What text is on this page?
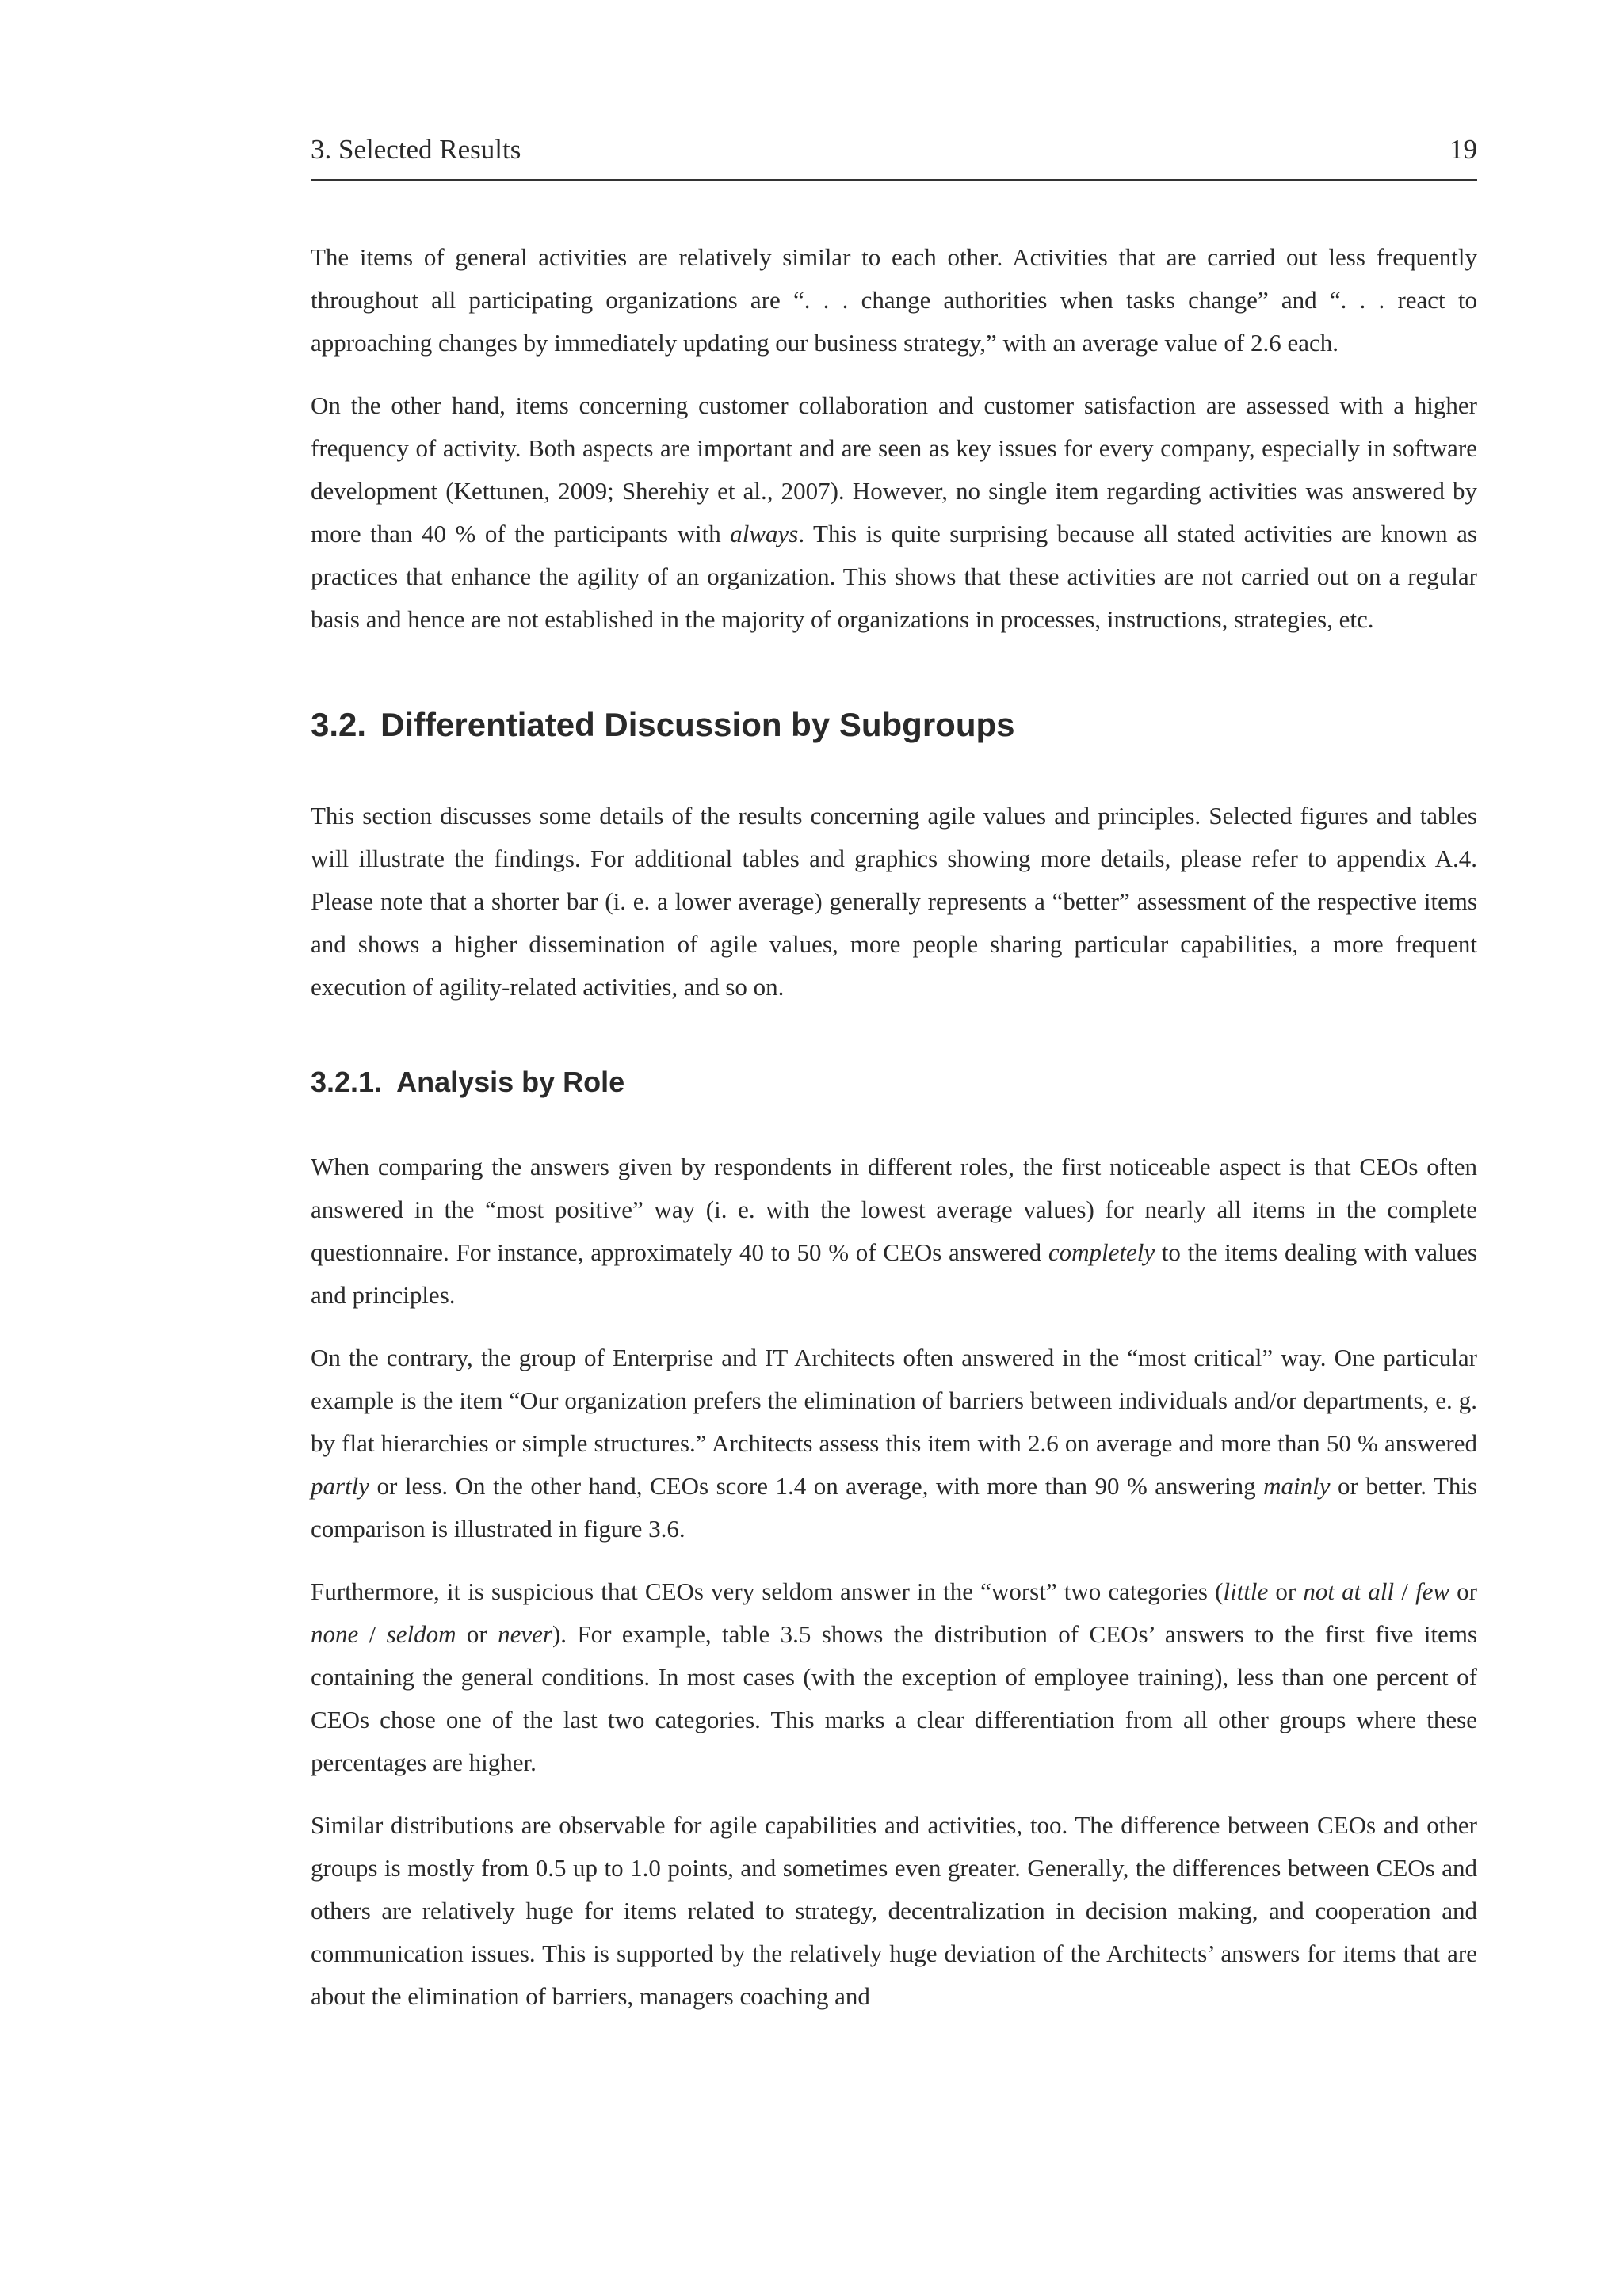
3. Selected Results	19

The items of general activities are relatively similar to each other. Activities that are carried out less frequently throughout all participating organizations are “. . . change authorities when tasks change” and “. . . react to approaching changes by immediately updating our business strategy,” with an average value of 2.6 each.

On the other hand, items concerning customer collaboration and customer satisfaction are assessed with a higher frequency of activity. Both aspects are important and are seen as key issues for every company, especially in software development (Kettunen, 2009; Sherehiy et al., 2007). However, no single item regarding activities was answered by more than 40 % of the participants with always. This is quite surprising because all stated activities are known as practices that enhance the agility of an organization. This shows that these activities are not carried out on a regular basis and hence are not established in the majority of organizations in processes, instructions, strategies, etc.

3.2. Differentiated Discussion by Subgroups

This section discusses some details of the results concerning agile values and principles. Selected figures and tables will illustrate the findings. For additional tables and graphics showing more details, please refer to appendix A.4. Please note that a shorter bar (i. e. a lower average) generally represents a “better” assessment of the respective items and shows a higher dissemination of agile values, more people sharing particular capabilities, a more frequent execution of agility-related activities, and so on.

3.2.1. Analysis by Role

When comparing the answers given by respondents in different roles, the first noticeable aspect is that CEOs often answered in the “most positive” way (i. e. with the lowest average values) for nearly all items in the complete questionnaire. For instance, approximately 40 to 50 % of CEOs answered completely to the items dealing with values and principles.

On the contrary, the group of Enterprise and IT Architects often answered in the “most critical” way. One particular example is the item “Our organization prefers the elimination of barriers between individuals and/or departments, e. g. by flat hierarchies or simple structures.” Architects assess this item with 2.6 on average and more than 50 % answered partly or less. On the other hand, CEOs score 1.4 on average, with more than 90 % answering mainly or better. This comparison is illustrated in figure 3.6.

Furthermore, it is suspicious that CEOs very seldom answer in the “worst” two categories (little or not at all / few or none / seldom or never). For example, table 3.5 shows the distribution of CEOs’ answers to the first five items containing the general conditions. In most cases (with the exception of employee training), less than one percent of CEOs chose one of the last two categories. This marks a clear differentiation from all other groups where these percentages are higher.

Similar distributions are observable for agile capabilities and activities, too. The difference between CEOs and other groups is mostly from 0.5 up to 1.0 points, and sometimes even greater. Generally, the differences between CEOs and others are relatively huge for items related to strategy, decentralization in decision making, and cooperation and communication issues. This is supported by the relatively huge deviation of the Architects’ answers for items that are about the elimination of barriers, managers coaching and
